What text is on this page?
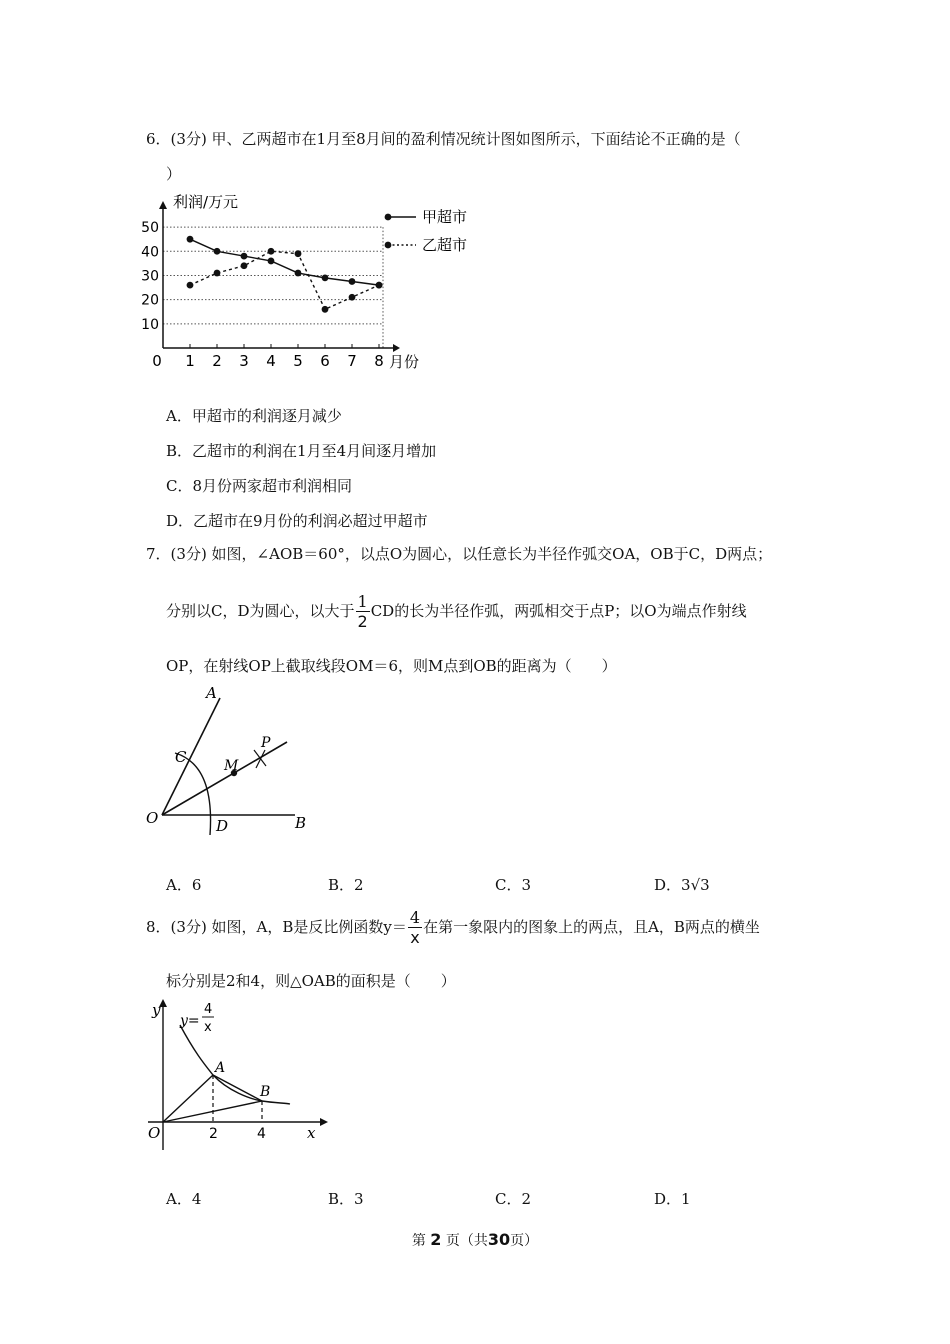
6．(3分) 甲、乙两超市在1月至8月间的盈利情况统计图如图所示，下面结论不正确的是（
）
10
20
30
40
50
0 1 2 3 4 5 6 7 8
利润/万元
月份
甲超市
乙超市
A．甲超市的利润逐月减少
B．乙超市的利润在1月至4月间逐月增加
C．8月份两家超市利润相同
D．乙超市在9月份的利润必超过甲超市
7．(3分) 如图，∠AOB＝60°，以点O为圆心，以任意长为半径作弧交OA，OB于C，D两点；
分别以C，D为圆心，以大于 $\frac{1}{2}$ CD的长为半径作弧，两弧相交于点P；以O为端点作射线
OP，在射线OP上截取线段OM＝6，则M点到OB的距离为（　　）
A
C	M
P
O	D	B
A．6	B．2	C．3	D．3√3
8．(3分) 如图，A，B是反比例函数$y= \frac{4}{x}$ 在第一象限内的图象上的两点，且A，B两点的横坐
标分别是2和4，则△OAB的面积是（　　）
y
y=
4
x
A
B
O	2	4	x
A．4	B．3	C．2	D．1
第 2 页（共30页）
